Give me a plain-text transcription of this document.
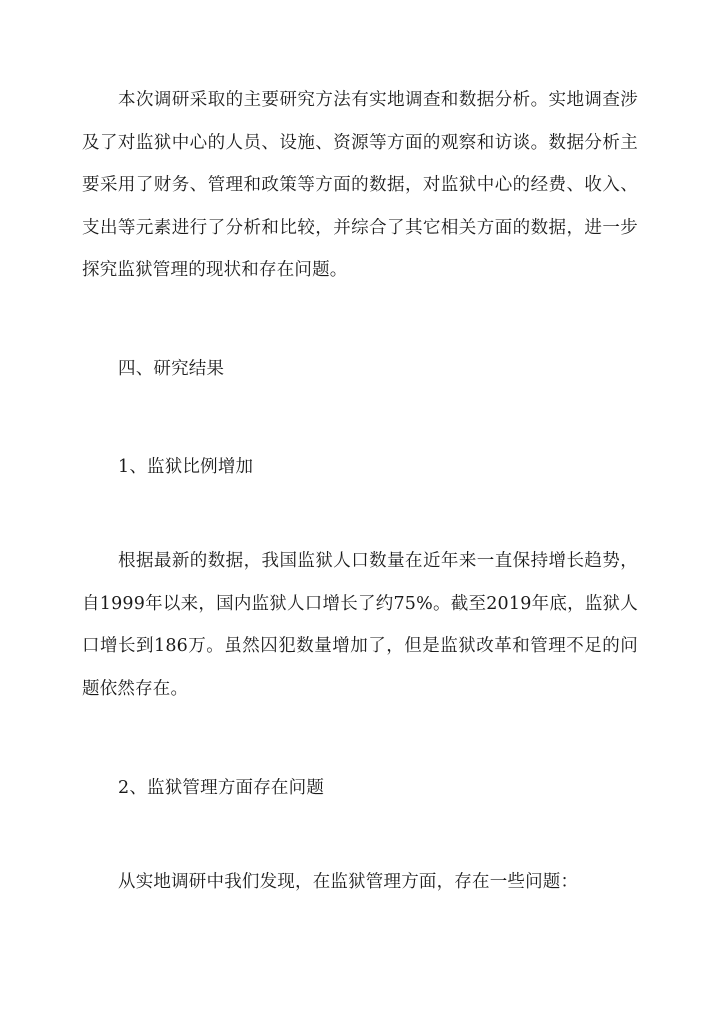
本次调研采取的主要研究方法有实地调查和数据分析。实地调查涉及了对监狱中心的人员、设施、资源等方面的观察和访谈。数据分析主要采用了财务、管理和政策等方面的数据，对监狱中心的经费、收入、支出等元素进行了分析和比较，并综合了其它相关方面的数据，进一步探究监狱管理的现状和存在问题。

四、研究结果

1、监狱比例增加

根据最新的数据，我国监狱人口数量在近年来一直保持增长趋势，自1999年以来，国内监狱人口增长了约75%。截至2019年底，监狱人口增长到186万。虽然囚犯数量增加了，但是监狱改革和管理不足的问题依然存在。

2、监狱管理方面存在问题

从实地调研中我们发现，在监狱管理方面，存在一些问题：
